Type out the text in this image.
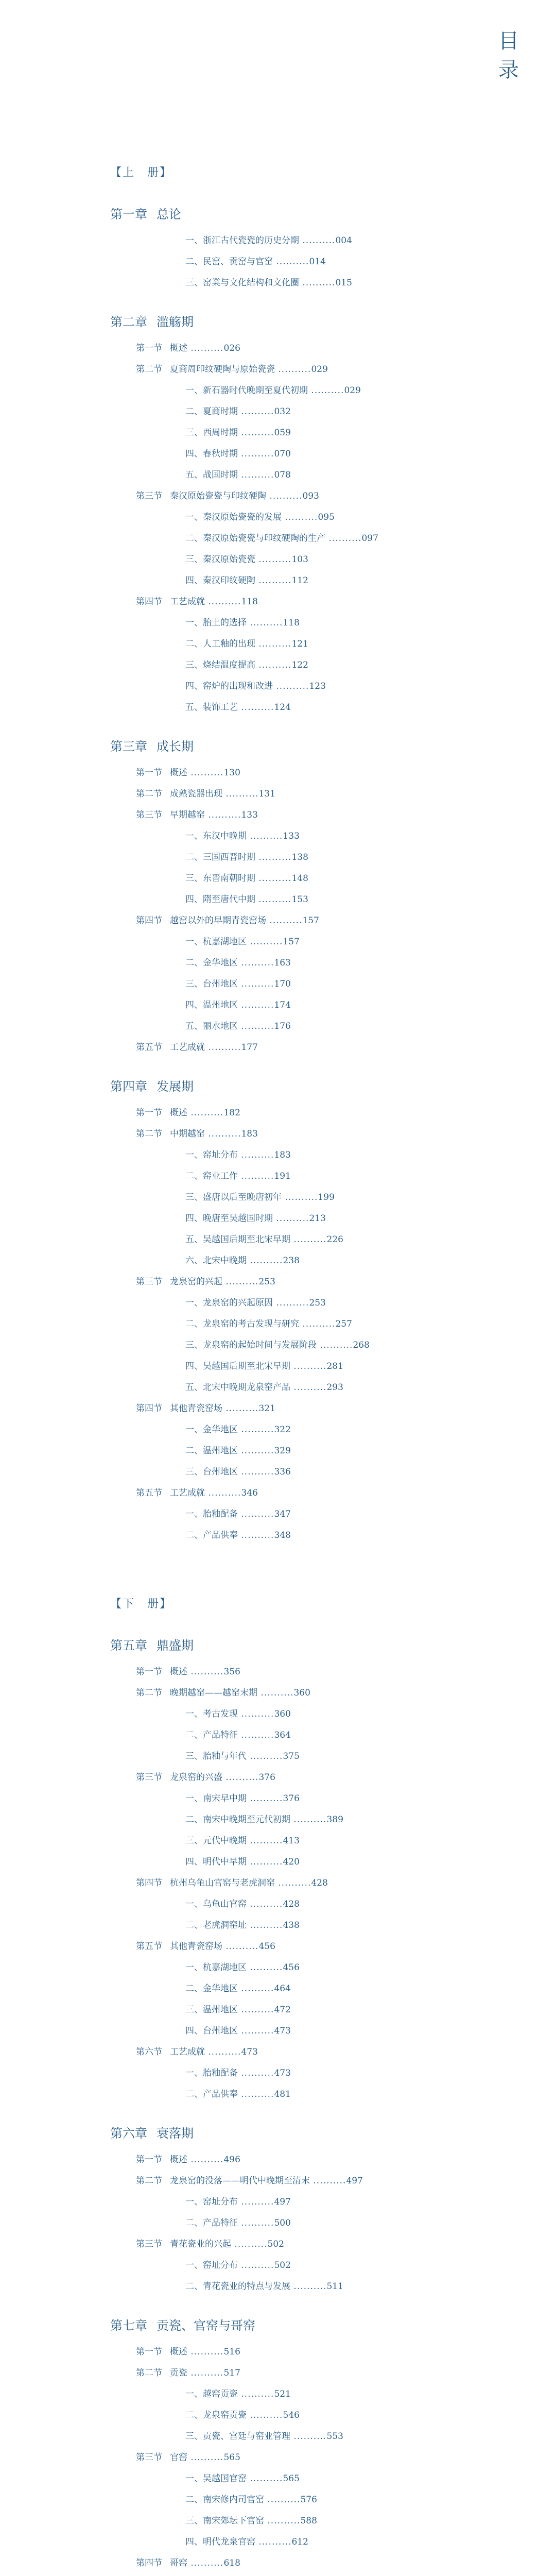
目
录
【上　册】
第一章 总论
一、浙江古代瓷瓷的历史分期 ..........004
二、民窑、贡窑与官窑 ..........014
三、窑業与文化结构和文化圈 ..........015
第二章 滥觞期
第一节 概述 ..........026
第二节 夏商周印纹硬陶与原始瓷瓷 ..........029
一、新石器时代晚期至夏代初期 ..........029
二、夏商时期 ..........032
三、西周时期 ..........059
四、春秋时期 ..........070
五、战国时期 ..........078
第三节 秦汉原始瓷瓷与印纹硬陶 ..........093
一、秦汉原始瓷瓷的发展 ..........095
二、秦汉原始瓷瓷与印纹硬陶的生产 ..........097
三、秦汉原始瓷瓷 ..........103
四、秦汉印纹硬陶 ..........112
第四节 工艺成就 ..........118
一、胎土的选择 ..........118
二、人工釉的出现 ..........121
三、烧结温度提高 ..........122
四、窑炉的出现和改进 ..........123
五、装饰工艺 ..........124
第三章 成长期
第一节 概述 ..........130
第二节 成熟瓷器出现 ..........131
第三节 早期越窑 ..........133
一、东汉中晚期 ..........133
二、三国西晋时期 ..........138
三、东晋南朝时期 ..........148
四、隋至唐代中期 ..........153
第四节 越窑以外的早期青瓷窑场 ..........157
一、杭嘉湖地区 ..........157
二、金华地区 ..........163
三、台州地区 ..........170
四、温州地区 ..........174
五、丽水地区 ..........176
第五节 工艺成就 ..........177
第四章 发展期
第一节 概述 ..........182
第二节 中期越窑 ..........183
一、窑址分布 ..........183
二、窑业工作 ..........191
三、盛唐以后至晚唐初年 ..........199
四、晚唐至吴越国时期 ..........213
五、吴越国后期至北宋早期 ..........226
六、北宋中晚期 ..........238
第三节 龙泉窑的兴起 ..........253
一、龙泉窑的兴起原因 ..........253
二、龙泉窑的考古发现与研究 ..........257
三、龙泉窑的起始时间与发展阶段 ..........268
四、吴越国后期至北宋早期 ..........281
五、北宋中晚期龙泉窑产品 ..........293
第四节 其他青瓷窑场 ..........321
一、金华地区 ..........322
二、温州地区 ..........329
三、台州地区 ..........336
第五节 工艺成就 ..........346
一、胎釉配备 ..........347
二、产品供奉 ..........348
【下　册】
第五章 鼎盛期
第一节 概述 ..........356
第二节 晚期越窑——越窑末期 ..........360
一、考古发现 ..........360
二、产品特征 ..........364
三、胎釉与年代 ..........375
第三节 龙泉窑的兴盛 ..........376
一、南宋早中期 ..........376
二、南宋中晚期至元代初期 ..........389
三、元代中晚期 ..........413
四、明代中早期 ..........420
第四节 杭州乌龟山官窑与老虎洞窑 ..........428
一、乌龟山官窑 ..........428
二、老虎洞窑址 ..........438
第五节 其他青瓷窑场 ..........456
一、杭嘉湖地区 ..........456
二、金华地区 ..........464
三、温州地区 ..........472
四、台州地区 ..........473
第六节 工艺成就 ..........473
一、胎釉配备 ..........473
二、产品供奉 ..........481
第六章 衰落期
第一节 概述 ..........496
第二节 龙泉窑的没落——明代中晚期至清末 ..........497
一、窑址分布 ..........497
二、产品特征 ..........500
第三节 青花瓷业的兴起 ..........502
一、窑址分布 ..........502
二、青花瓷业的特点与发展 ..........511
第七章 贡瓷、官窑与哥窑
第一节 概述 ..........516
第二节 贡瓷 ..........517
一、越窑贡瓷 ..........521
二、龙泉窑贡瓷 ..........546
三、贡瓷、宫廷与窑业管理 ..........553
第三节 官窑 ..........565
一、吴越国官窑 ..........565
二、南宋修内司官窑 ..........576
三、南宋郊坛下官窑 ..........588
四、明代龙泉官窑 ..........612
第四节 哥窑 ..........618
